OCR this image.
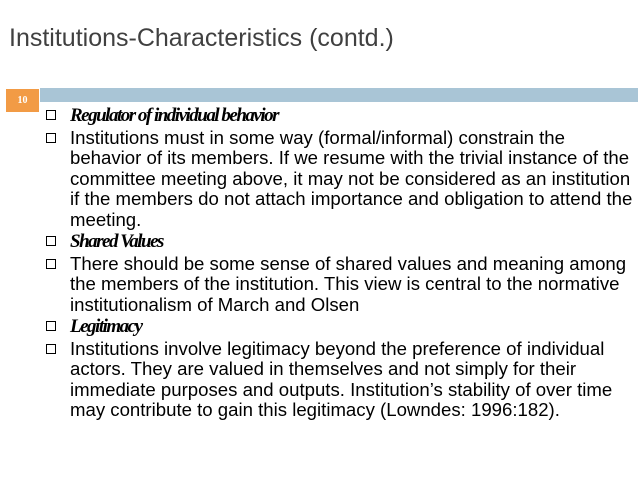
Institutions-Characteristics (contd.)
10
Regulator of individual behavior
Institutions must in some way (formal/informal) constrain the behavior of its members. If we resume with the trivial instance of the committee meeting above, it may not be considered as an institution if the members do not attach importance and obligation to attend the meeting.
Shared Values
There should be some sense of shared values and meaning among the members of the institution. This view is central to the normative institutionalism of March and Olsen
Legitimacy
Institutions involve legitimacy beyond the preference of individual actors. They are valued in themselves and not simply for their immediate purposes and outputs. Institution’s stability of over time may contribute to gain this legitimacy (Lowndes: 1996:182).
